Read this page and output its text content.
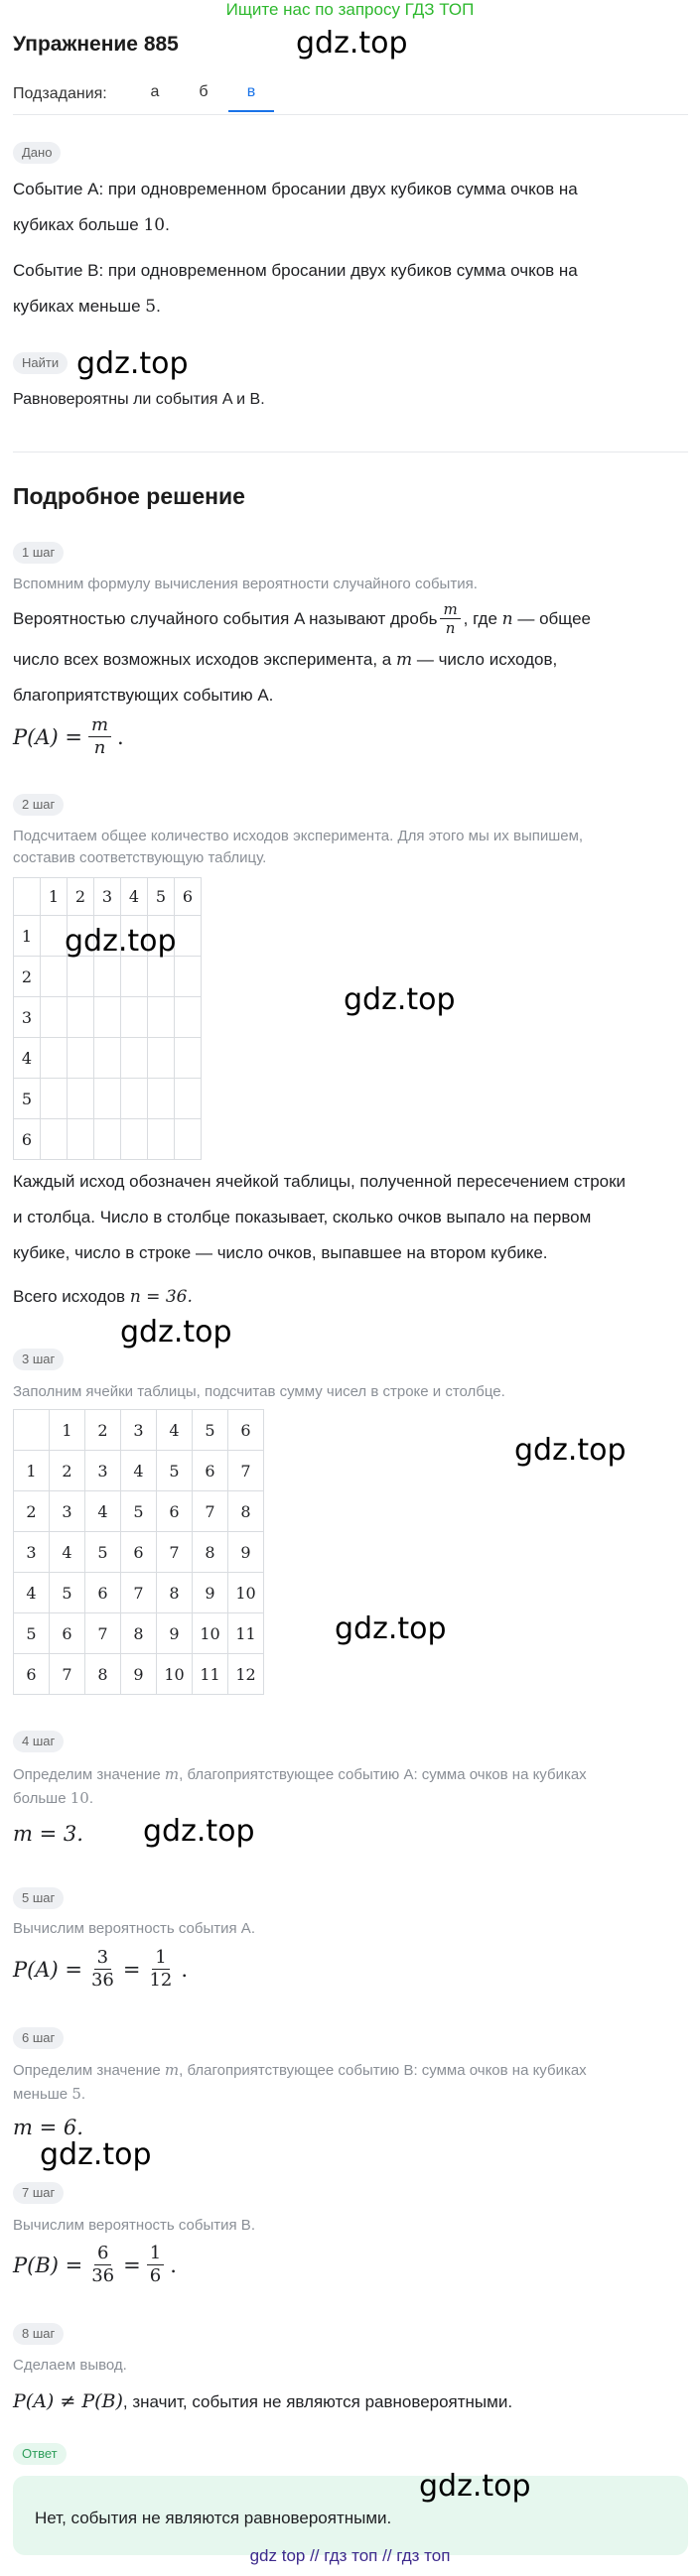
Ищите нас по запросу ГДЗ ТОП
Упражнение 885
Подзадания:	а	б	в
Дано
Событие A: при одновременном бросании двух кубиков сумма очков на
кубиках больше 10.
Событие B: при одновременном бросании двух кубиков сумма очков на
кубиках меньше 5.
Найти
Равновероятны ли события A и B.
Подробное решение
1 шаг
Вспомним формулу вычисления вероятности случайного события.
Вероятностью случайного события A называют дробь $\frac{m}{n}$ , где
n
— общее
число всех возможных исходов эксперимента, а m — число исходов,
благоприятствующих событию A.
$P(A) = \frac{m}{n}$ .
2 шаг
Подсчитаем общее количество исходов эксперимента. Для этого мы их выпишем,
составив соответствующую таблицу.
	1	2	3	4	5	6
1						
2						
3						
4						
5						
6						
Каждый исход обозначен ячейкой таблицы, полученной пересечением строки
и столбца. Число в столбце показывает, сколько очков выпало на первом
кубике, число в строке — число очков, выпавшее на втором кубике.
Всего исходов n = 36.
3 шаг
Заполним ячейки таблицы, подсчитав сумму чисел в строке и столбце.
	1	2	3	4	5	6
1	2	3	4	5	6	7
2	3	4	5	6	7	8
3	4	5	6	7	8	9
4	5	6	7	8	9	10
5	6	7	8	9	10	11
6	7	8	9	10	11	12
4 шаг
Определим значение m, благоприятствующее событию A: сумма очков на кубиках
больше 10.
m = 3.
5 шаг
Вычислим вероятность события A.
$P(A) = \frac{3}{36} = \frac{1}{12}$ .
6 шаг
Определим значение m, благоприятствующее событию B: сумма очков на кубиках
меньше 5.
m = 6.
7 шаг
Вычислим вероятность события B.
$P(B) = \frac{6}{36} = \frac{1}{6}$ .
8 шаг
Сделаем вывод.
P(A) ≠ P(B), значит, события не являются равновероятными.
Ответ
Нет, события не являются равновероятными.
gdz top // гдз топ // гдз топ
gdz.top
gdz.top
gdz.top
gdz.top
gdz.top
gdz.top
gdz.top
gdz.top
gdz.top
gdz.top
